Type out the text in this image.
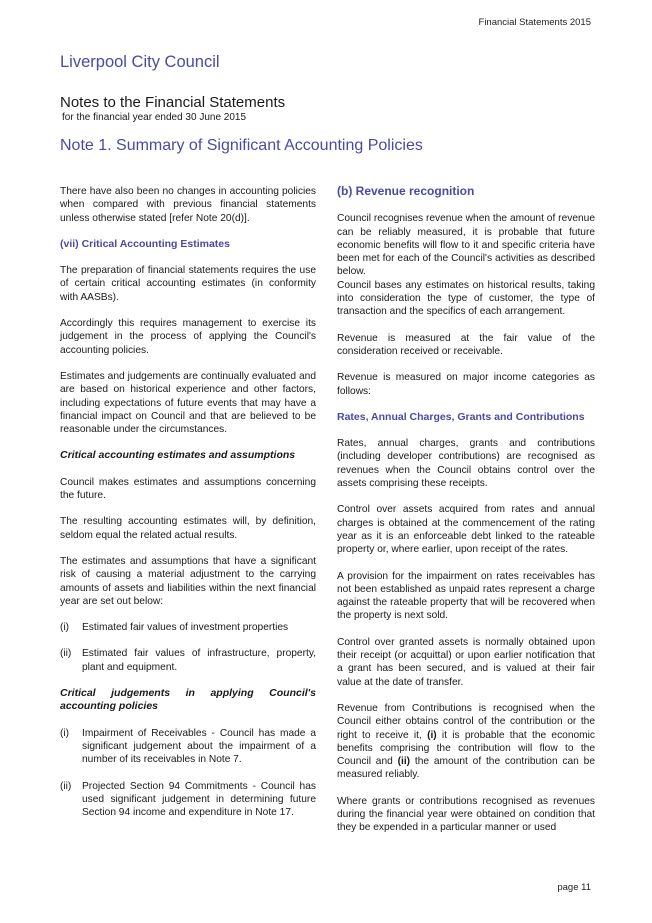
Financial Statements 2015
Liverpool City Council
Notes to the Financial Statements
for the financial year ended 30 June 2015
Note 1. Summary of Significant Accounting Policies

There have also been no changes in accounting policies when compared with previous financial statements unless otherwise stated [refer Note 20(d)].

(vii) Critical Accounting Estimates

The preparation of financial statements requires the use of certain critical accounting estimates (in conformity with AASBs).

Accordingly this requires management to exercise its judgement in the process of applying the Council's accounting policies.

Estimates and judgements are continually evaluated and are based on historical experience and other factors, including expectations of future events that may have a financial impact on Council and that are believed to be reasonable under the circumstances.

Critical accounting estimates and assumptions

Council makes estimates and assumptions concerning the future.

The resulting accounting estimates will, by definition, seldom equal the related actual results.

The estimates and assumptions that have a significant risk of causing a material adjustment to the carrying amounts of assets and liabilities within the next financial year are set out below:

(i)	Estimated fair values of investment properties
(ii)	Estimated fair values of infrastructure, property, plant and equipment.
Critical judgements in applying Council's accounting policies
(i)	Impairment of Receivables - Council has made a significant judgement about the impairment of a number of its receivables in Note 7.
(ii)	Projected Section 94 Commitments - Council has used significant judgement in determining future Section 94 income and expenditure in Note 17.
(b) Revenue recognition

Council recognises revenue when the amount of revenue can be reliably measured, it is probable that future economic benefits will flow to it and specific criteria have been met for each of the Council's activities as described below.

Council bases any estimates on historical results, taking into consideration the type of customer, the type of transaction and the specifics of each arrangement.

Revenue is measured at the fair value of the consideration received or receivable.

Revenue is measured on major income categories as follows:

Rates, Annual Charges, Grants and Contributions

Rates, annual charges, grants and contributions (including developer contributions) are recognised as revenues when the Council obtains control over the assets comprising these receipts.

Control over assets acquired from rates and annual charges is obtained at the commencement of the rating year as it is an enforceable debt linked to the rateable property or, where earlier, upon receipt of the rates.

A provision for the impairment on rates receivables has not been established as unpaid rates represent a charge against the rateable property that will be recovered when the property is next sold.

Control over granted assets is normally obtained upon their receipt (or acquittal) or upon earlier notification that a grant has been secured, and is valued at their fair value at the date of transfer.

Revenue from Contributions is recognised when the Council either obtains control of the contribution or the right to receive it, (i) it is probable that the economic benefits comprising the contribution will flow to the Council and (ii) the amount of the contribution can be measured reliably.

Where grants or contributions recognised as revenues during the financial year were obtained on condition that they be expended in a particular manner or used

page 11
